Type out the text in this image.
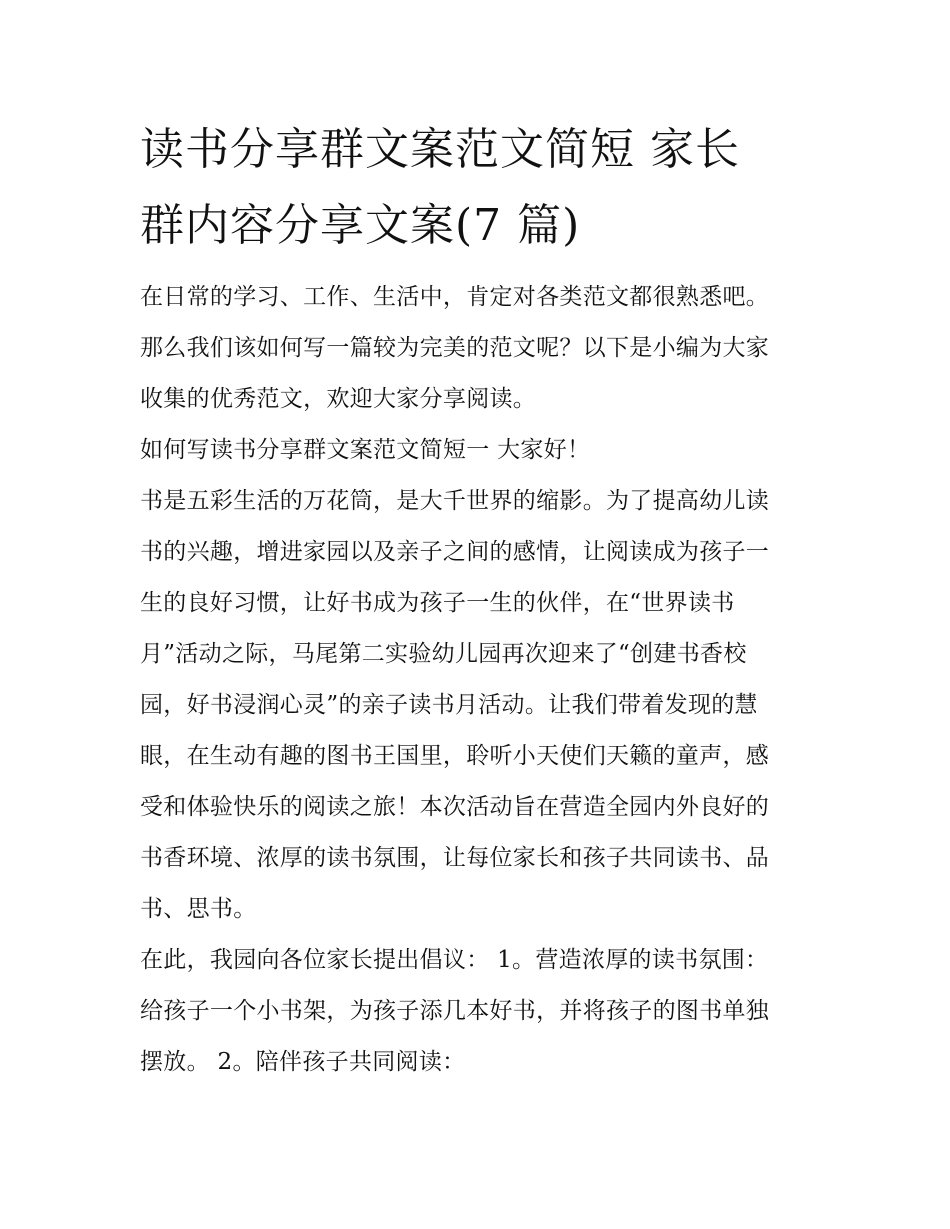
读书分享群文案范文简短 家长
群内容分享文案(7 篇)
在日常的学习、工作、生活中，肯定对各类范文都很熟悉吧。
那么我们该如何写一篇较为完美的范文呢？以下是小编为大家
收集的优秀范文，欢迎大家分享阅读。
如何写读书分享群文案范文简短一 大家好！
书是五彩生活的万花筒，是大千世界的缩影。为了提高幼儿读
书的兴趣，增进家园以及亲子之间的感情，让阅读成为孩子一
生的良好习惯，让好书成为孩子一生的伙伴，在“世界读书
月”活动之际，马尾第二实验幼儿园再次迎来了“创建书香校
园，好书浸润心灵”的亲子读书月活动。让我们带着发现的慧
眼，在生动有趣的图书王国里，聆听小天使们天籁的童声，感
受和体验快乐的阅读之旅！本次活动旨在营造全园内外良好的
书香环境、浓厚的读书氛围，让每位家长和孩子共同读书、品
书、思书。
在此，我园向各位家长提出倡议： 1。营造浓厚的读书氛围：
给孩子一个小书架，为孩子添几本好书，并将孩子的图书单独
摆放。 2。陪伴孩子共同阅读：
